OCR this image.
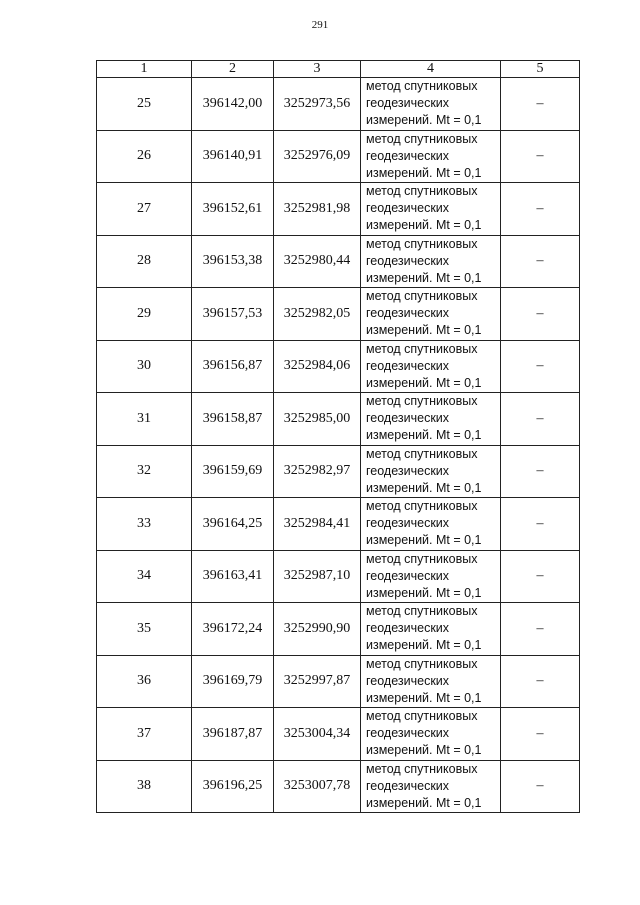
291
1	2	3	4	5
25	396142,00	3252973,56	метод спутниковых
геодезических
измерений. Mt = 0,1	–
26	396140,91	3252976,09	метод спутниковых
геодезических
измерений. Mt = 0,1	–
27	396152,61	3252981,98	метод спутниковых
геодезических
измерений. Mt = 0,1	–
28	396153,38	3252980,44	метод спутниковых
геодезических
измерений. Mt = 0,1	–
29	396157,53	3252982,05	метод спутниковых
геодезических
измерений. Mt = 0,1	–
30	396156,87	3252984,06	метод спутниковых
геодезических
измерений. Mt = 0,1	–
31	396158,87	3252985,00	метод спутниковых
геодезических
измерений. Mt = 0,1	–
32	396159,69	3252982,97	метод спутниковых
геодезических
измерений. Mt = 0,1	–
33	396164,25	3252984,41	метод спутниковых
геодезических
измерений. Mt = 0,1	–
34	396163,41	3252987,10	метод спутниковых
геодезических
измерений. Mt = 0,1	–
35	396172,24	3252990,90	метод спутниковых
геодезических
измерений. Mt = 0,1	–
36	396169,79	3252997,87	метод спутниковых
геодезических
измерений. Mt = 0,1	–
37	396187,87	3253004,34	метод спутниковых
геодезических
измерений. Mt = 0,1	–
38	396196,25	3253007,78	метод спутниковых
геодезических
измерений. Mt = 0,1	–
